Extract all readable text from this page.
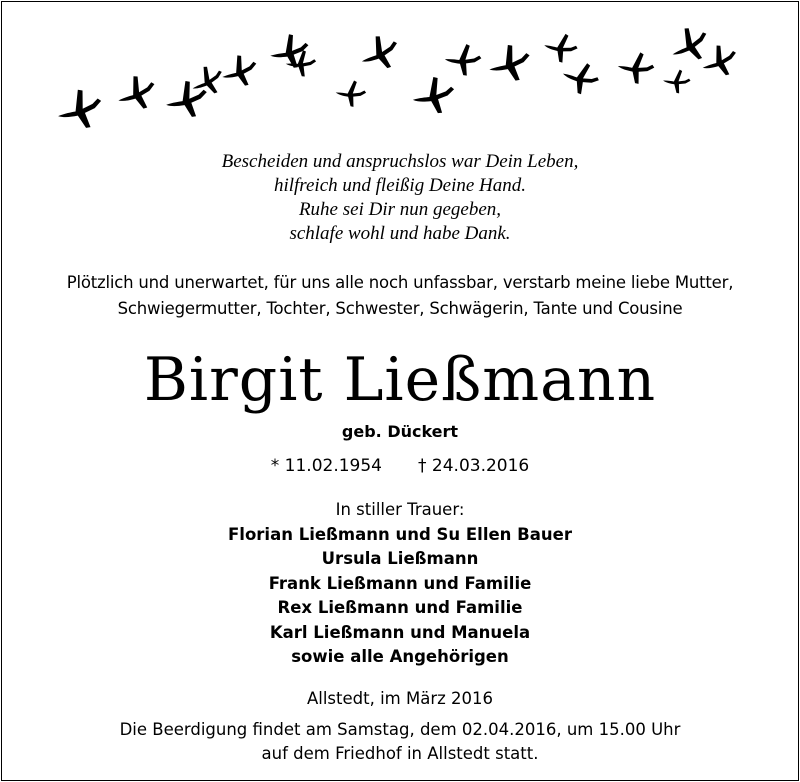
Bescheiden und anspruchslos war Dein Leben,
hilfreich und fleißig Deine Hand.
Ruhe sei Dir nun gegeben,
schlafe wohl und habe Dank.
Plötzlich und unerwartet, für uns alle noch unfassbar, verstarb meine liebe Mutter,
Schwiegermutter, Tochter, Schwester, Schwägerin, Tante und Cousine
Birgit Ließmann
geb. Dückert
* 11.02.1954 † 24.03.2016
In stiller Trauer:
Florian Ließmann und Su Ellen Bauer
Ursula Ließmann
Frank Ließmann und Familie
Rex Ließmann und Familie
Karl Ließmann und Manuela
sowie alle Angehörigen
Allstedt, im März 2016
Die Beerdigung findet am Samstag, dem 02.04.2016, um 15.00 Uhr
auf dem Friedhof in Allstedt statt.
